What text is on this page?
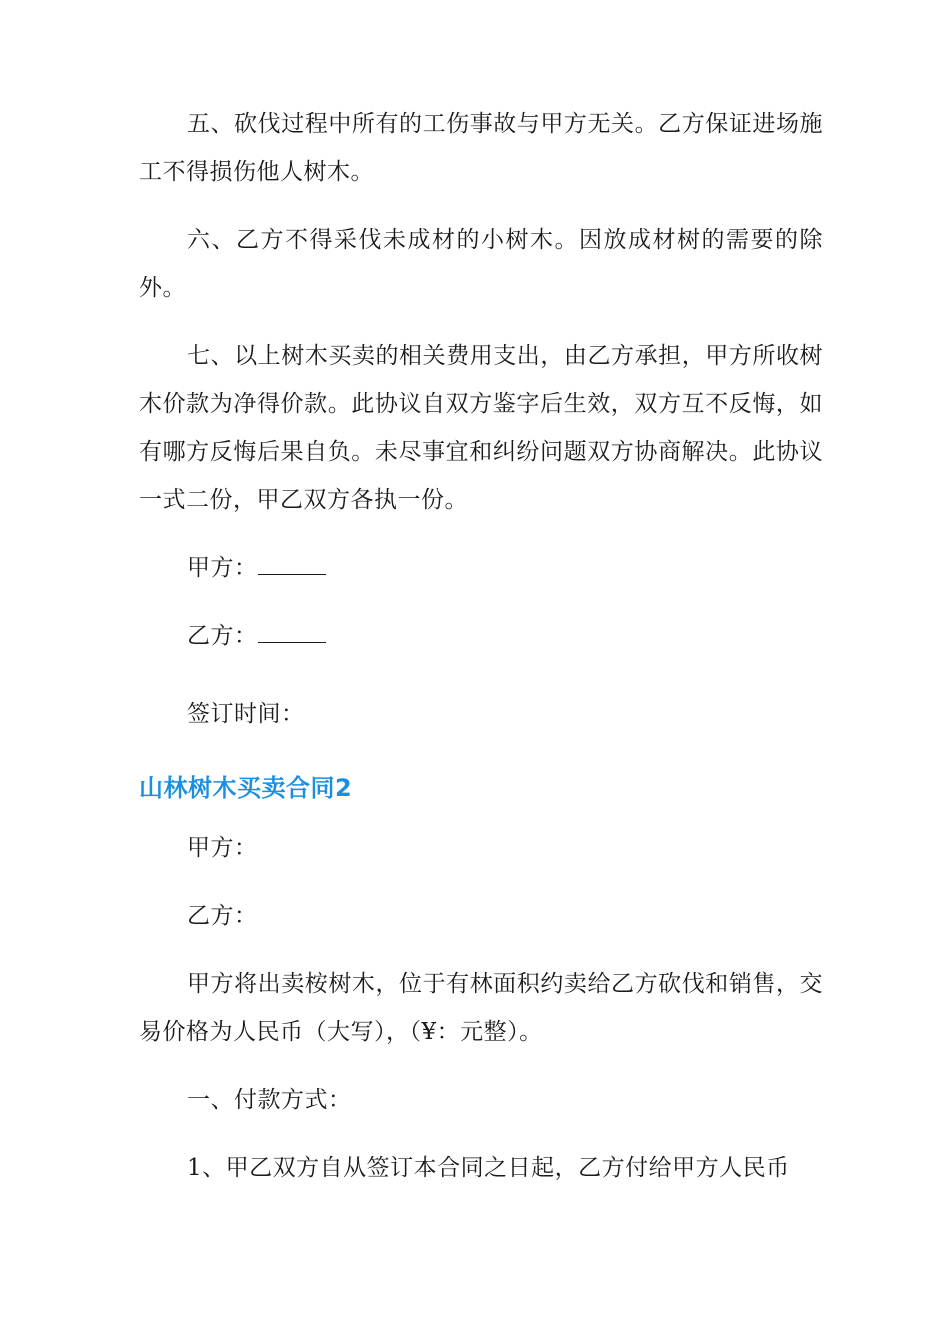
五、砍伐过程中所有的工伤事故与甲方无关。乙方保证进场施工不得损伤他人树木。

六、乙方不得采伐未成材的小树木。因放成材树的需要的除外。

七、以上树木买卖的相关费用支出，由乙方承担，甲方所收树木价款为净得价款。此协议自双方鉴字后生效，双方互不反悔，如有哪方反悔后果自负。未尽事宜和纠纷问题双方协商解决。此协议一式二份，甲乙双方各执一份。

甲方：

乙方：

签订时间：

山林树木买卖合同2

甲方：

乙方：

甲方将出卖桉树木，位于有林面积约卖给乙方砍伐和销售，交易价格为人民币（大写），（¥：元整）。

一、付款方式：

1、甲乙双方自从签订本合同之日起，乙方付给甲方人民币
